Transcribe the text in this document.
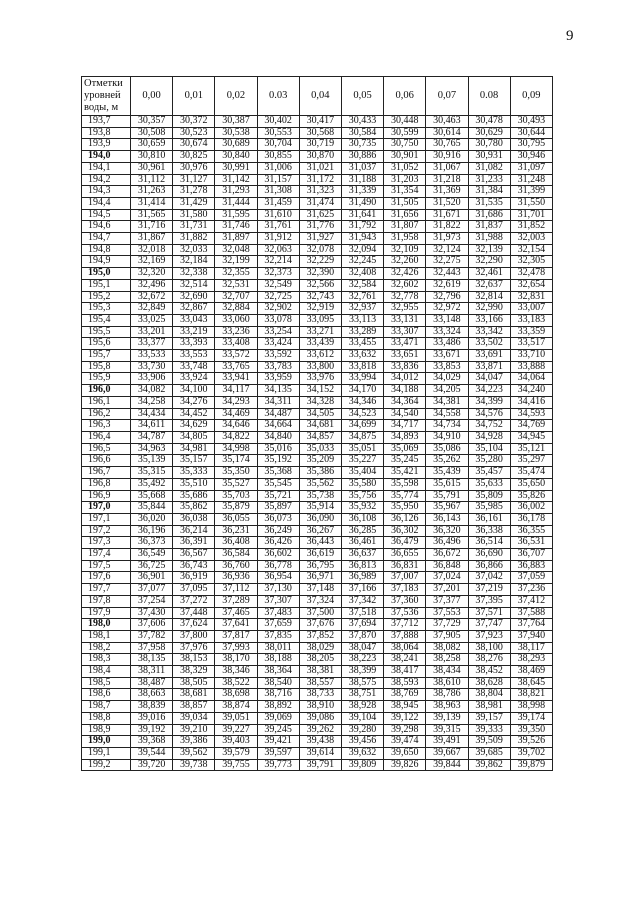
9
Отметки уровней воды, м	0,00	0,01	0,02	0.03	0,04	0,05	0,06	0,07	0.08	0,09
193,7	30,357	30,372	30,387	30,402	30,417	30,433	30,448	30,463	30,478	30,493
193,8	30,508	30,523	30,538	30,553	30,568	30,584	30,599	30,614	30,629	30,644
193,9	30,659	30,674	30,689	30,704	30,719	30,735	30,750	30,765	30,780	30,795
194,0	30,810	30,825	30,840	30,855	30,870	30,886	30,901	30,916	30,931	30,946
194,1	30,961	30,976	30,991	31,006	31,021	31,037	31,052	31,067	31,082	31,097
194,2	31,112	31,127	31,142	31,157	31,172	31,188	31,203	31,218	31,233	31,248
194,3	31,263	31,278	31,293	31,308	31,323	31,339	31,354	31,369	31,384	31,399
194,4	31,414	31,429	31,444	31,459	31,474	31,490	31,505	31,520	31,535	31,550
194,5	31,565	31,580	31,595	31,610	31,625	31,641	31,656	31,671	31,686	31,701
194,6	31,716	31,731	31,746	31,761	31,776	31,792	31,807	31,822	31,837	31,852
194,7	31,867	31,882	31,897	31,912	31,927	31,943	31,958	31,973	31,988	32,003
194,8	32,018	32,033	32,048	32,063	32,078	32,094	32,109	32,124	32,139	32,154
194,9	32,169	32,184	32,199	32,214	32,229	32,245	32,260	32,275	32,290	32,305
195,0	32,320	32,338	32,355	32,373	32,390	32,408	32,426	32,443	32,461	32,478
195,1	32,496	32,514	32,531	32,549	32,566	32,584	32,602	32,619	32,637	32,654
195,2	32,672	32,690	32,707	32,725	32,743	32,761	32,778	32,796	32,814	32,831
195,3	32,849	32,867	32,884	32,902	32,919	32,937	32,955	32,972	32,990	33,007
195,4	33,025	33,043	33,060	33,078	33,095	33,113	33,131	33,148	33,166	33,183
195,5	33,201	33,219	33,236	33,254	33,271	33,289	33,307	33,324	33,342	33,359
195,6	33,377	33,393	33,408	33,424	33,439	33,455	33,471	33,486	33,502	33,517
195,7	33,533	33,553	33,572	33,592	33,612	33,632	33,651	33,671	33,691	33,710
195,8	33,730	33,748	33,765	33,783	33,800	33,818	33,836	33,853	33,871	33,888
195,9	33,906	33,924	33,941	33,959	33,976	33,994	34,012	34,029	34,047	34,064
196,0	34,082	34,100	34,117	34,135	34,152	34,170	34,188	34,205	34,223	34,240
196,1	34,258	34,276	34,293	34,311	34,328	34,346	34,364	34,381	34,399	34,416
196,2	34,434	34,452	34,469	34,487	34,505	34,523	34,540	34,558	34,576	34,593
196,3	34,611	34,629	34,646	34,664	34,681	34,699	34,717	34,734	34,752	34,769
196,4	34,787	34,805	34,822	34,840	34,857	34,875	34,893	34,910	34,928	34,945
196,5	34,963	34,981	34,998	35,016	35,033	35,051	35,069	35,086	35,104	35,121
196,6	35,139	35,157	35,174	35,192	35,209	35,227	35,245	35,262	35,280	35,297
196,7	35,315	35,333	35,350	35,368	35,386	35,404	35,421	35,439	35,457	35,474
196,8	35,492	35,510	35,527	35,545	35,562	35,580	35,598	35,615	35,633	35,650
196,9	35,668	35,686	35,703	35,721	35,738	35,756	35,774	35,791	35,809	35,826
197,0	35,844	35,862	35,879	35,897	35,914	35,932	35,950	35,967	35,985	36,002
197,1	36,020	36,038	36,055	36,073	36,090	36,108	36,126	36,143	36,161	36,178
197,2	36,196	36,214	36,231	36,249	36,267	36,285	36,302	36,320	36,338	36,355
197,3	36,373	36,391	36,408	36,426	36,443	36,461	36,479	36,496	36,514	36,531
197,4	36,549	36,567	36,584	36,602	36,619	36,637	36,655	36,672	36,690	36,707
197,5	36,725	36,743	36,760	36,778	36,795	36,813	36,831	36,848	36,866	36,883
197,6	36,901	36,919	36,936	36,954	36,971	36,989	37,007	37,024	37,042	37,059
197,7	37,077	37,095	37,112	37,130	37,148	37,166	37,183	37,201	37,219	37,236
197,8	37,254	37,272	37,289	37,307	37,324	37,342	37,360	37,377	37,395	37,412
197,9	37,430	37,448	37,465	37,483	37,500	37,518	37,536	37,553	37,571	37,588
198,0	37,606	37,624	37,641	37,659	37,676	37,694	37,712	37,729	37,747	37,764
198,1	37,782	37,800	37,817	37,835	37,852	37,870	37,888	37,905	37,923	37,940
198,2	37,958	37,976	37,993	38,011	38,029	38,047	38,064	38,082	38,100	38,117
198,3	38,135	38,153	38,170	38,188	38,205	38,223	38,241	38,258	38,276	38,293
198,4	38,311	38,329	38,346	38,364	38,381	38,399	38,417	38,434	38,452	38,469
198,5	38,487	38,505	38,522	38,540	38,557	38,575	38,593	38,610	38,628	38,645
198,6	38,663	38,681	38,698	38,716	38,733	38,751	38,769	38,786	38,804	38,821
198,7	38,839	38,857	38,874	38,892	38,910	38,928	38,945	38,963	38,981	38,998
198,8	39,016	39,034	39,051	39,069	39,086	39,104	39,122	39,139	39,157	39,174
198,9	39,192	39,210	39,227	39,245	39,262	39,280	39,298	39,315	39,333	39,350
199,0	39,368	39,386	39,403	39,421	39,438	39,456	39,474	39,491	39,509	39,526
199,1	39,544	39,562	39,579	39,597	39,614	39,632	39,650	39,667	39,685	39,702
199,2	39,720	39,738	39,755	39,773	39,791	39,809	39,826	39,844	39,862	39,879
